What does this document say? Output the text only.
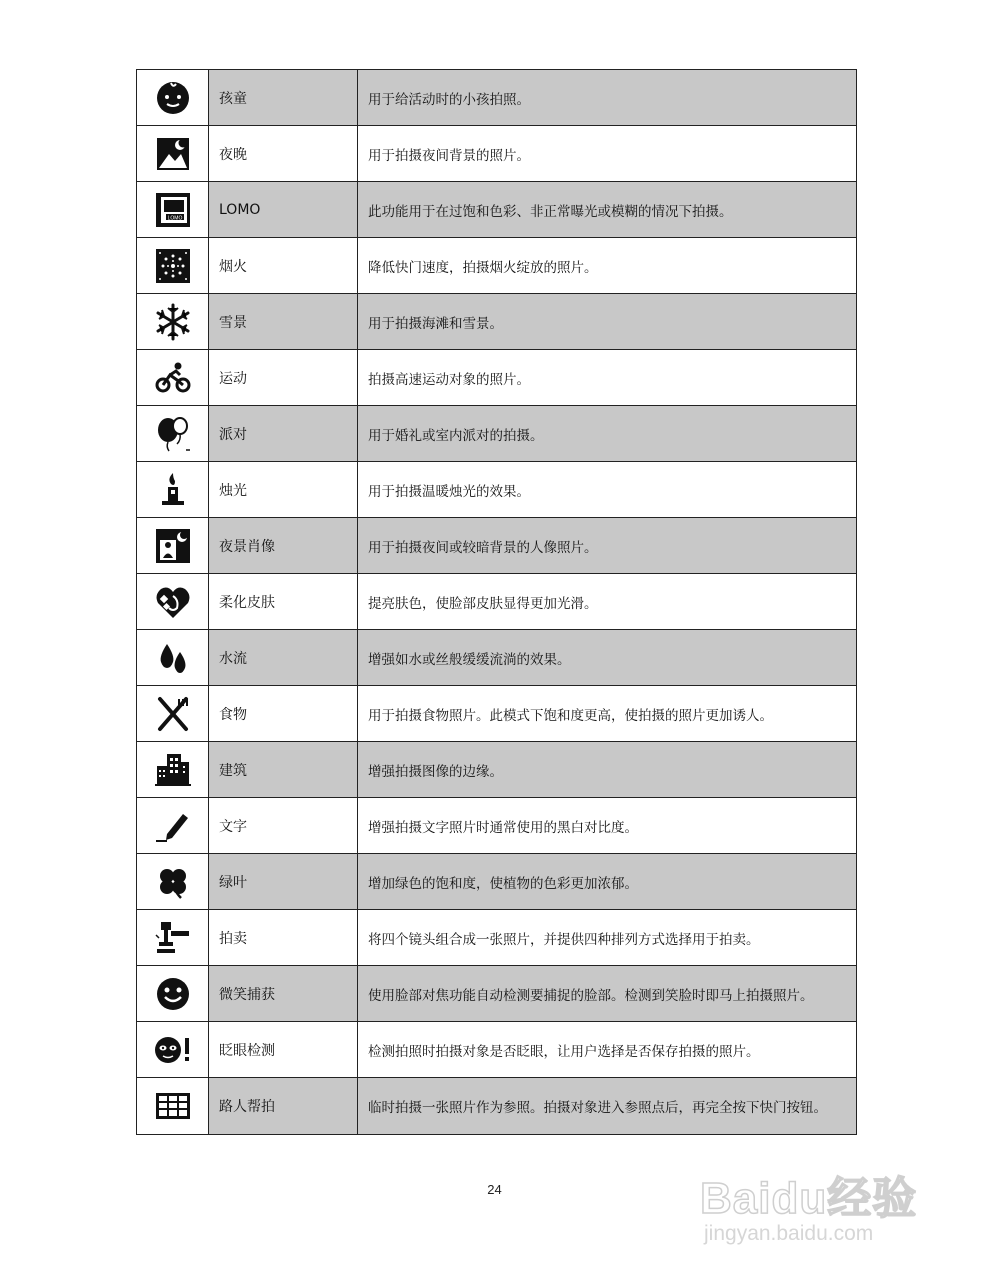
孩童	用于给活动时的小孩拍照。
夜晚	用于拍摄夜间背景的照片。
LOMO
LOMO	此功能用于在过饱和色彩、非正常曝光或模糊的情况下拍摄。
烟火	降低快门速度，拍摄烟火绽放的照片。
雪景	用于拍摄海滩和雪景。
运动	拍摄高速运动对象的照片。
派对	用于婚礼或室内派对的拍摄。
烛光	用于拍摄温暖烛光的效果。
夜景肖像	用于拍摄夜间或较暗背景的人像照片。
柔化皮肤	提亮肤色，使脸部皮肤显得更加光滑。
水流	增强如水或丝般缓缓流淌的效果。
食物	用于拍摄食物照片。此模式下饱和度更高，使拍摄的照片更加诱人。
建筑	增强拍摄图像的边缘。
文字	增强拍摄文字照片时通常使用的黑白对比度。
绿叶	增加绿色的饱和度，使植物的色彩更加浓郁。
拍卖	将四个镜头组合成一张照片，并提供四种排列方式选择用于拍卖。
微笑捕获	使用脸部对焦功能自动检测要捕捉的脸部。检测到笑脸时即马上拍摄照片。
眨眼检测	检测拍照时拍摄对象是否眨眼，让用户选择是否保存拍摄的照片。
路人帮拍	临时拍摄一张照片作为参照。拍摄对象进入参照点后，再完全按下快门按钮。
24	Baidu经验
jingyan.baidu.com
